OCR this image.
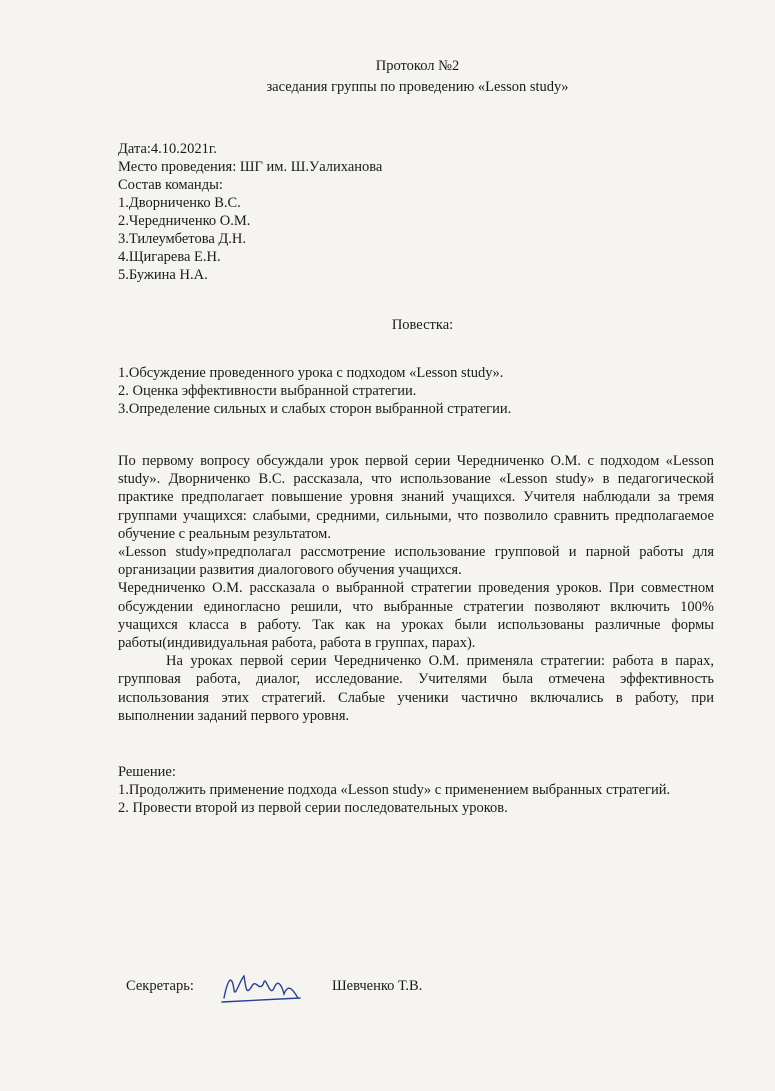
Протокол №2
заседания группы по проведению «Lesson study»
Дата:4.10.2021г.
Место проведения: ШГ им. Ш.Уалиханова
Состав команды:
1.Дворниченко В.С.
2.Чередниченко О.М.
3.Тилеумбетова Д.Н.
4.Щигарева Е.Н.
5.Бужина Н.А.
Повестка:
1.Обсуждение проведенного урока с подходом «Lesson study».
2. Оценка эффективности выбранной стратегии.
3.Определение сильных и слабых сторон выбранной стратегии.

По первому вопросу обсуждали урок первой серии Чередниченко О.М. с подходом «Lesson study». Дворниченко В.С. рассказала, что использование «Lesson study» в педагогической практике предполагает повышение уровня знаний учащихся. Учителя наблюдали за тремя группами учащихся: слабыми, средними, сильными, что позволило сравнить предполагаемое обучение с реальным результатом.

«Lesson study»предполагал рассмотрение использование групповой и парной работы для организации развития диалогового обучения учащихся.

Чередниченко О.М. рассказала о выбранной стратегии проведения уроков. При совместном обсуждении единогласно решили, что выбранные стратегии позволяют включить 100% учащихся класса в работу. Так как на уроках были использованы различные формы работы(индивидуальная работа, работа в группах, парах).

На уроках первой серии Чередниченко О.М. применяла стратегии: работа в парах, групповая работа, диалог, исследование. Учителями была отмечена эффективность использования этих стратегий. Слабые ученики частично включались в работу, при выполнении заданий первого уровня.

Решение:
1.Продолжить применение подхода «Lesson study» с применением выбранных стратегий.
2. Провести второй из первой серии последовательных уроков.
Секретарь:	Шевченко Т.В.
